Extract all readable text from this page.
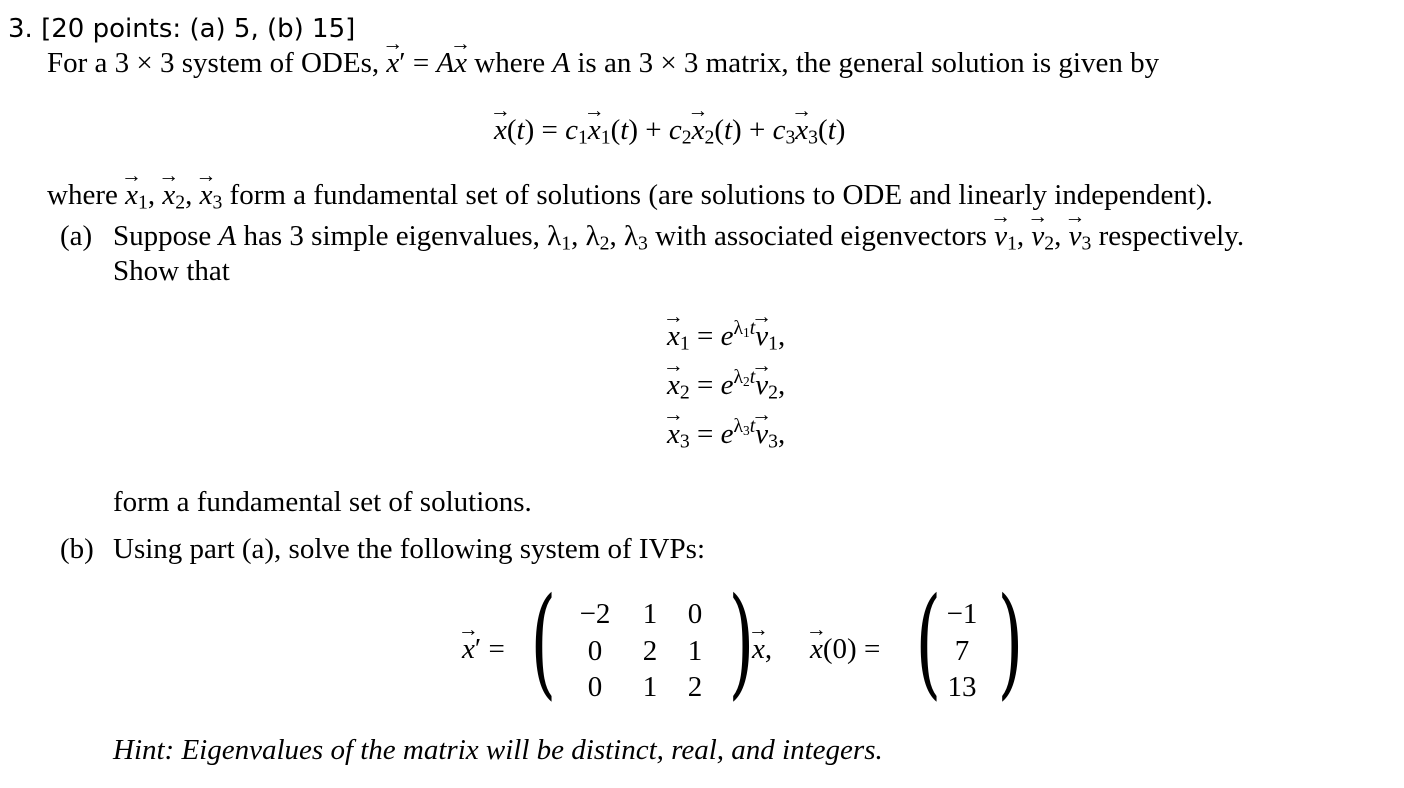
3. [20 points: (a) 5, (b) 15]
For a 3 × 3 system of ODEs, → x′ = A→ x where A is an 3 × 3 matrix, the general solution is given by
→ $x(t) = c_1\to x_1(t) + c_2\to x_2(t) + c_3\to x_3(t)$
where → $x_1$, → $x_2$, → $x_3$ form a fundamental set of solutions (are solutions to ODE and linearly independent).
(a) Suppose A has 3 simple eigenvalues, $\lambda_1$, $\lambda_2$, $\lambda_3$ with associated eigenvectors → $v_1$, → $v_2$, → $v_3$ respectively.
Show that
→ $x_1 = e^{\lambda_1t}\to v_1$,
→ $x_2 = e^{\lambda_2t}\to v_2$,
→ $x_3 = e^{\lambda_3t}\to v_3$,
form a fundamental set of solutions.
(b) Using part (a), solve the following system of IVPs:
→ x′ = ( −2	1	0
0	2	1
0	1	2 )
→ x,
→ x(0) = ( −1
7
13 )
Hint: Eigenvalues of the matrix will be distinct, real, and integers.
